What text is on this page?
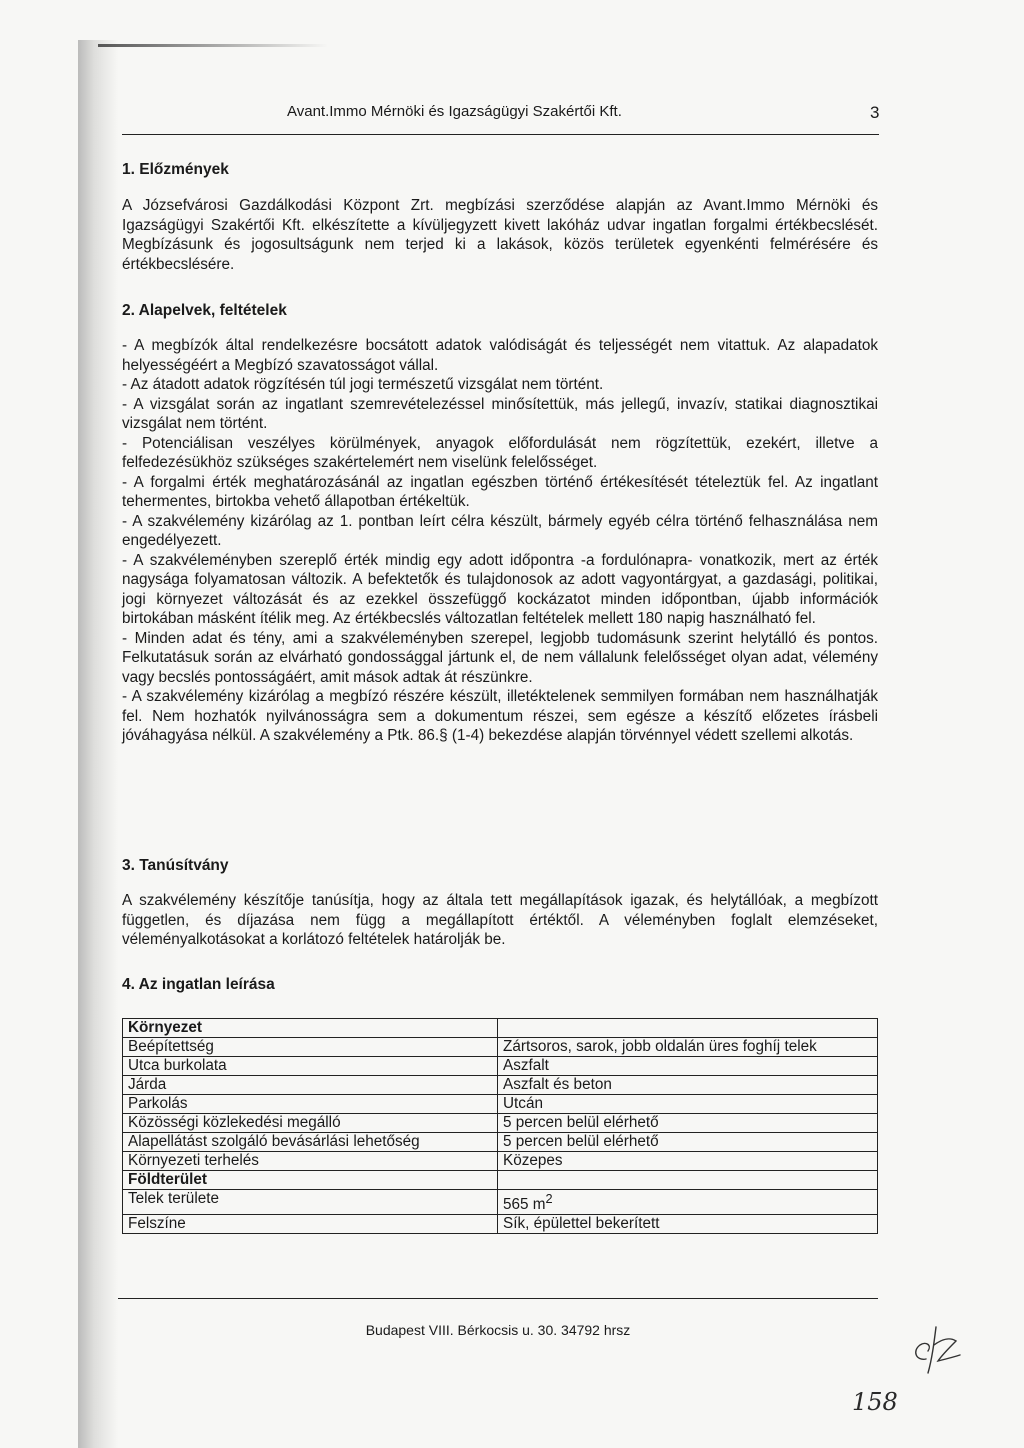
Avant.Immo Mérnöki és Igazságügyi Szakértői Kft.	3

1. Előzmények

A Józsefvárosi Gazdálkodási Központ Zrt. megbízási szerződése alapján az Avant.Immo Mérnöki és Igazságügyi Szakértői Kft. elkészítette a kívüljegyzett kivett lakóház udvar ingatlan forgalmi értékbecslését. Megbízásunk és jogosultságunk nem terjed ki a lakások, közös területek egyenkénti felmérésére és értékbecslésére.

2. Alapelvek, feltételek

- A megbízók által rendelkezésre bocsátott adatok valódiságát és teljességét nem vitattuk. Az alapadatok helyességéért a Megbízó szavatosságot vállal.

- Az átadott adatok rögzítésén túl jogi természetű vizsgálat nem történt.

- A vizsgálat során az ingatlant szemrevételezéssel minősítettük, más jellegű, invazív, statikai diagnosztikai vizsgálat nem történt.

- Potenciálisan veszélyes körülmények, anyagok előfordulását nem rögzítettük, ezekért, illetve a felfedezésükhöz szükséges szakértelemért nem viselünk felelősséget.

- A forgalmi érték meghatározásánál az ingatlan egészben történő értékesítését tételeztük fel. Az ingatlant tehermentes, birtokba vehető állapotban értékeltük.

- A szakvélemény kizárólag az 1. pontban leírt célra készült, bármely egyéb célra történő felhasználása nem engedélyezett.

- A szakvéleményben szereplő érték mindig egy adott időpontra -a fordulónapra- vonatkozik, mert az érték nagysága folyamatosan változik. A befektetők és tulajdonosok az adott vagyontárgyat, a gazdasági, politikai, jogi környezet változását és az ezekkel összefüggő kockázatot minden időpontban, újabb információk birtokában másként ítélik meg. Az értékbecslés változatlan feltételek mellett 180 napig használható fel.

- Minden adat és tény, ami a szakvéleményben szerepel, legjobb tudomásunk szerint helytálló és pontos. Felkutatásuk során az elvárható gondossággal jártunk el, de nem vállalunk felelősséget olyan adat, vélemény vagy becslés pontosságáért, amit mások adtak át részünkre.

- A szakvélemény kizárólag a megbízó részére készült, illetéktelenek semmilyen formában nem használhatják fel. Nem hozhatók nyilvánosságra sem a dokumentum részei, sem egésze a készítő előzetes írásbeli jóváhagyása nélkül. A szakvélemény a Ptk. 86.§ (1-4) bekezdése alapján törvénnyel védett szellemi alkotás.

3. Tanúsítvány

A szakvélemény készítője tanúsítja, hogy az általa tett megállapítások igazak, és helytállóak, a megbízott független, és díjazása nem függ a megállapított értéktől. A véleményben foglalt elemzéseket, véleményalkotásokat a korlátozó feltételek határolják be.

4. Az ingatlan leírása

Környezet	
Beépítettség	Zártsoros, sarok, jobb oldalán üres foghíj telek
Utca burkolata	Aszfalt
Járda	Aszfalt és beton
Parkolás	Utcán
Közösségi közlekedési megálló	5 percen belül elérhető
Alapellátást szolgáló bevásárlási lehetőség	5 percen belül elérhető
Környezeti terhelés	Közepes
Földterület	
Telek területe	565 $m^2$
Felszíne	Sík, épülettel bekerített
Budapest VIII. Bérkocsis u. 30. 34792 hrsz
158
